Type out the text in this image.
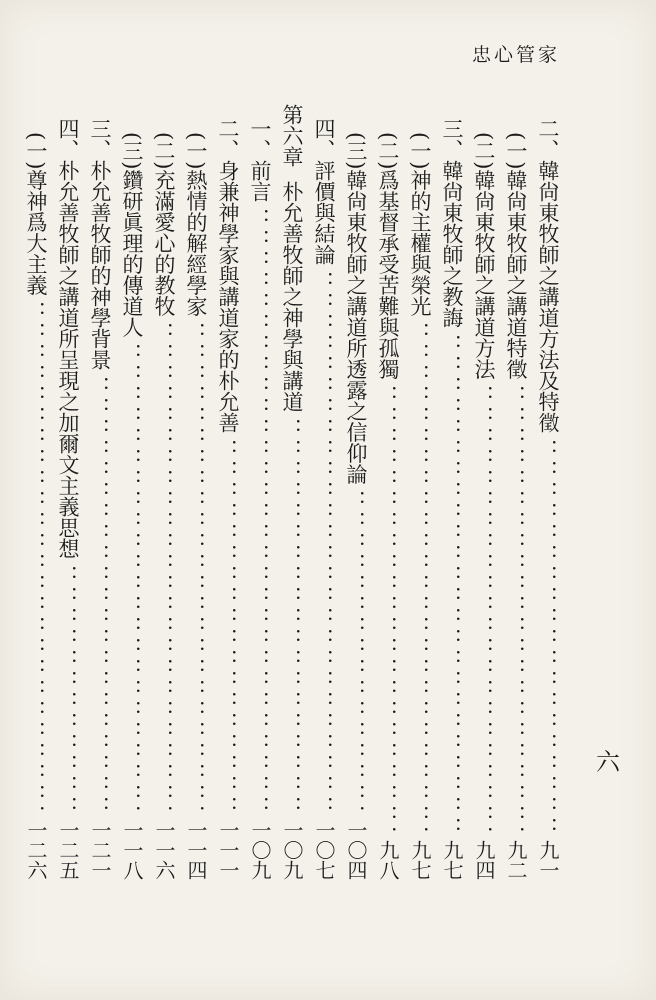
忠心管家
二、韓尙東牧師之講道方法及特徵
：：：：：：：：：：：：：：：：：：：：：：：：：：：：：：：：：：：：：：：：：：：：
九一
(一)韓尙東牧師之講道特徵
：：：：：：：：：：：：：：：：：：：：：：：：：：：：：：：：：：：：：：：：：：：：
九二
(二)韓尙東牧師之講道方法
：：：：：：：：：：：：：：：：：：：：：：：：：：：：：：：：：：：：：：：：：：：：
九四
三、韓尙東牧師之教誨
：：：：：：：：：：：：：：：：：：：：：：：：：：：：：：：：：：：：：：：：：：：：
九七
(一)神的主權與榮光
：：：：：：：：：：：：：：：：：：：：：：：：：：：：：：：：：：：：：：：：：：：：
九七
(二)爲基督承受苦難與孤獨
：：：：：：：：：：：：：：：：：：：：：：：：：：：：：：：：：：：：：：：：：：：：
九八
(三)韓尙東牧師之講道所透露之信仰論
：：：：：：：：：：：：：：：：：：：：：：：：：：：：：：：：：：：：：：：：：：：：
一〇四
四、評價與結論
：：：：：：：：：：：：：：：：：：：：：：：：：：：：：：：：：：：：：：：：：：：：
一〇七
第六章朴允善牧師之神學與講道
：：：：：：：：：：：：：：：：：：：：：：：：：：：：：：：：：：：：：：：：：：：：
一〇九
一、前言
：：：：：：：：：：：：：：：：：：：：：：：：：：：：：：：：：：：：：：：：：：：：
一〇九
二、身兼神學家與講道家的朴允善
：：：：：：：：：：：：：：：：：：：：：：：：：：：：：：：：：：：：：：：：：：：：
一一一
(一)熱情的解經學家
：：：：：：：：：：：：：：：：：：：：：：：：：：：：：：：：：：：：：：：：：：：：
一一四
(二)充滿愛心的教牧
：：：：：：：：：：：：：：：：：：：：：：：：：：：：：：：：：：：：：：：：：：：：
一一六
(三)鑽研眞理的傳道人
：：：：：：：：：：：：：：：：：：：：：：：：：：：：：：：：：：：：：：：：：：：：
一一八
三、朴允善牧師的神學背景
：：：：：：：：：：：：：：：：：：：：：：：：：：：：：：：：：：：：：：：：：：：：
一二一
四、朴允善牧師之講道所呈現之加爾文主義思想
：：：：：：：：：：：：：：：：：：：：：：：：：：：：：：：：：：：：：：：：：：：：
一二五
(一)尊神爲大主義
：：：：：：：：：：：：：：：：：：：：：：：：：：：：：：：：：：：：：：：：：：：：
一二六
六
